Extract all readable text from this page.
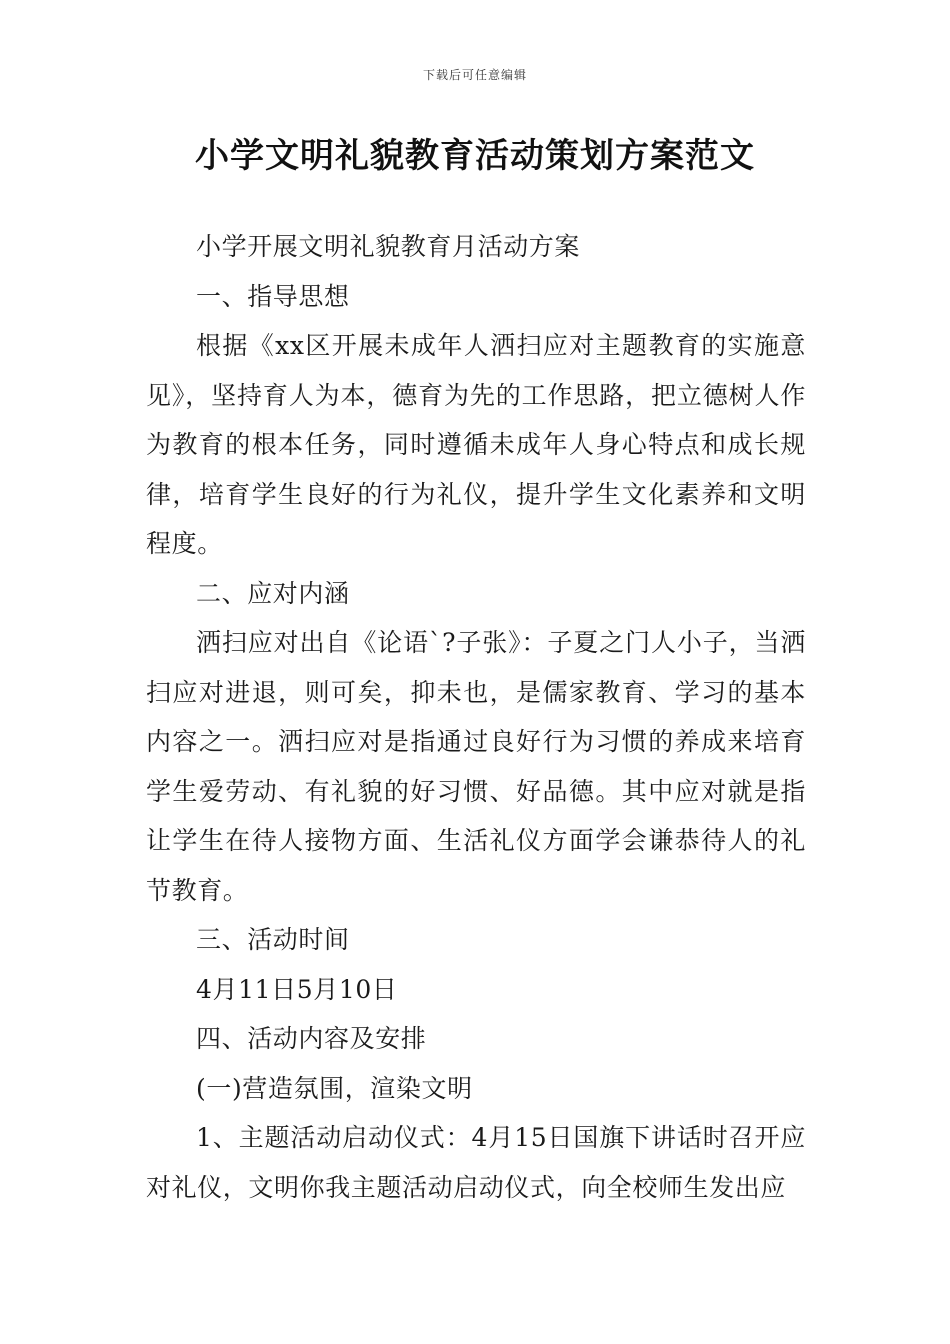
下载后可任意编辑
小学文明礼貌教育活动策划方案范文

小学开展文明礼貌教育月活动方案

一、指导思想

根据《xx区开展未成年人洒扫应对主题教育的实施意见》，坚持育人为本，德育为先的工作思路，把立德树人作为教育的根本任务，同时遵循未成年人身心特点和成长规律，培育学生良好的行为礼仪，提升学生文化素养和文明程度。

二、应对内涵

洒扫应对出自《论语`?子张》：子夏之门人小子，当洒扫应对进退，则可矣，抑未也，是儒家教育、学习的基本内容之一。洒扫应对是指通过良好行为习惯的养成来培育学生爱劳动、有礼貌的好习惯、好品德。其中应对就是指让学生在待人接物方面、生活礼仪方面学会谦恭待人的礼节教育。

三、活动时间

4月11日5月10日

四、活动内容及安排

(一)营造氛围，渲染文明

1、主题活动启动仪式：4月15日国旗下讲话时召开应对礼仪，文明你我主题活动启动仪式，向全校师生发出应
